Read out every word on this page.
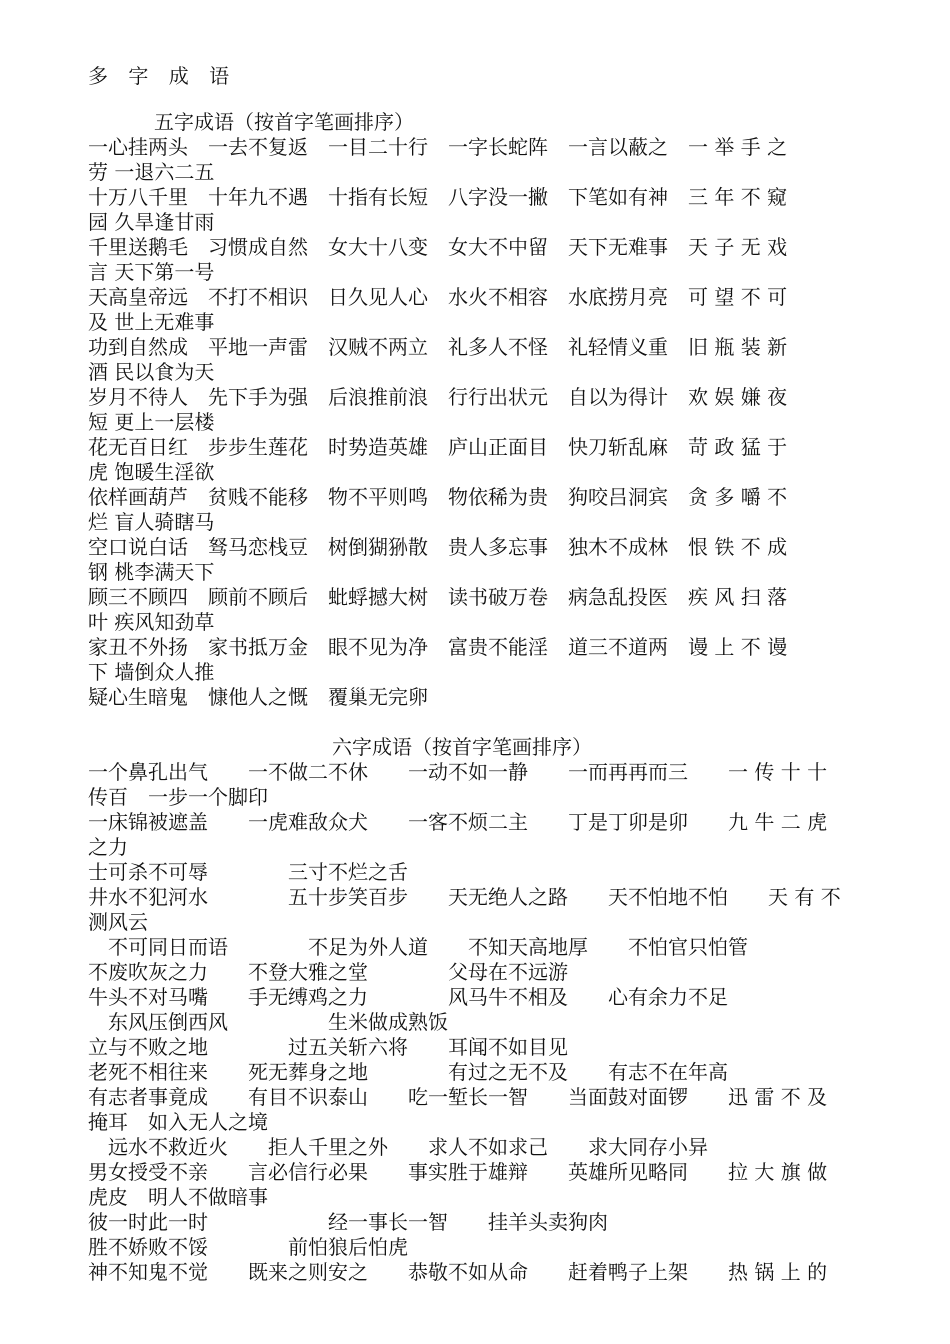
多 字 成 语
五字成语（按首字笔画排序）
一心挂两头　一去不复返　一目二十行　一字长蛇阵　一言以蔽之　一 举 手 之
劳 一退六二五
十万八千里　十年九不遇　十指有长短　八字没一撇　下笔如有神　三 年 不 窥
园 久旱逢甘雨
千里送鹅毛　习惯成自然　女大十八变　女大不中留　天下无难事　天 子 无 戏
言 天下第一号
天高皇帝远　不打不相识　日久见人心　水火不相容　水底捞月亮　可 望 不 可
及 世上无难事
功到自然成　平地一声雷　汉贼不两立　礼多人不怪　礼轻情义重　旧 瓶 装 新
酒 民以食为天
岁月不待人　先下手为强　后浪推前浪　行行出状元　自以为得计　欢 娱 嫌 夜
短 更上一层楼
花无百日红　步步生莲花　时势造英雄　庐山正面目　快刀斩乱麻　苛 政 猛 于
虎 饱暖生淫欲
依样画葫芦　贫贱不能移　物不平则鸣　物依稀为贵　狗咬吕洞宾　贪 多 嚼 不
烂 盲人骑瞎马
空口说白话　驽马恋栈豆　树倒猢狲散　贵人多忘事　独木不成林　恨 铁 不 成
钢 桃李满天下
顾三不顾四　顾前不顾后　蚍蜉撼大树　读书破万卷　病急乱投医　疾 风 扫 落
叶 疾风知劲草
家丑不外扬　家书抵万金　眼不见为净　富贵不能淫　道三不道两　谩 上 不 谩
下 墙倒众人推
疑心生暗鬼　慷他人之慨　覆巢无完卵
六字成语（按首字笔画排序）
一个鼻孔出气　　一不做二不休　　一动不如一静　　一而再再而三　　一 传 十 十
传百　一步一个脚印
一床锦被遮盖　　一虎难敌众犬　　一客不烦二主　　丁是丁卯是卯　　九 牛 二 虎
之力
士可杀不可辱　　　　三寸不烂之舌
井水不犯河水　　　　五十步笑百步　　天无绝人之路　　天不怕地不怕　　天 有 不
测风云
　不可同日而语　　　　不足为外人道　　不知天高地厚　　不怕官只怕管
不废吹灰之力　　不登大雅之堂　　　　父母在不远游
牛头不对马嘴　　手无缚鸡之力　　　　风马牛不相及　　心有余力不足
　东风压倒西风　　　　　生米做成熟饭
立与不败之地　　　　过五关斩六将　　耳闻不如目见
老死不相往来　　死无葬身之地　　　　有过之无不及　　有志不在年高
有志者事竟成　　有目不识泰山　　吃一堑长一智　　当面鼓对面锣　　迅 雷 不 及
掩耳　如入无人之境
　远水不救近火　　拒人千里之外　　求人不如求己　　求大同存小异
男女授受不亲　　言必信行必果　　事实胜于雄辩　　英雄所见略同　　拉 大 旗 做
虎皮　明人不做暗事
彼一时此一时　　　　　　经一事长一智　　挂羊头卖狗肉
胜不娇败不馁　　　　前怕狼后怕虎
神不知鬼不觉　　既来之则安之　　恭敬不如从命　　赶着鸭子上架　　热 锅 上 的
